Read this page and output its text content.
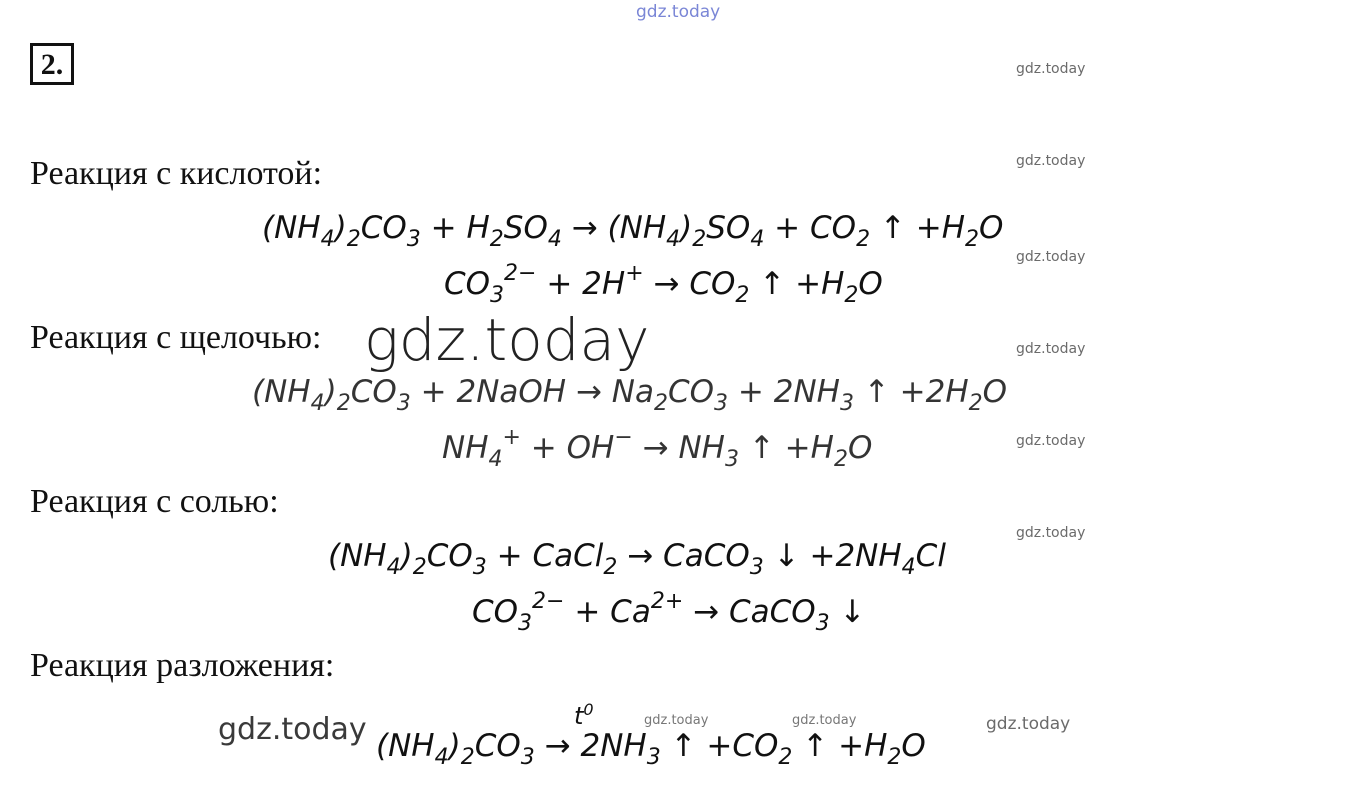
gdz.today
gdz.today
gdz.today
gdz.today
gdz.today
gdz.today
gdz.today
2.
Реакция с кислотой:
$(NH_4)_2CO_3 + H_2SO_4 \to (NH_4)_2SO_4 + CO_2$ ↑ $+H_2O$
$CO_3^{2-} + 2H^+ \to CO_2$ ↑ $+H_2O$
Реакция с щелочью: gdz.today
$(NH_4)_2CO_3$ + 2NaOH → $Na_2CO_3 + 2NH_3$ ↑ $+2H_2O$
$NH_4^+ + OH^- \to NH_3$ ↑ $+H_2O$
Реакция с солью:
$(NH_4)_2CO_3$ + CaCl$_2$ → CaCO$_3$ ↓ $+2NH_4Cl$
$CO_3^{2-} + Ca^{2+}$ → CaCO$_3$ ↓
Реакция разложения:
gdz.today	$t^0$
$(NH_4)_2CO_3 \to 2NH_3$ ↑ $+CO_2$ ↑ $+H_2O$
gdz.today	gdz.today	gdz.today
